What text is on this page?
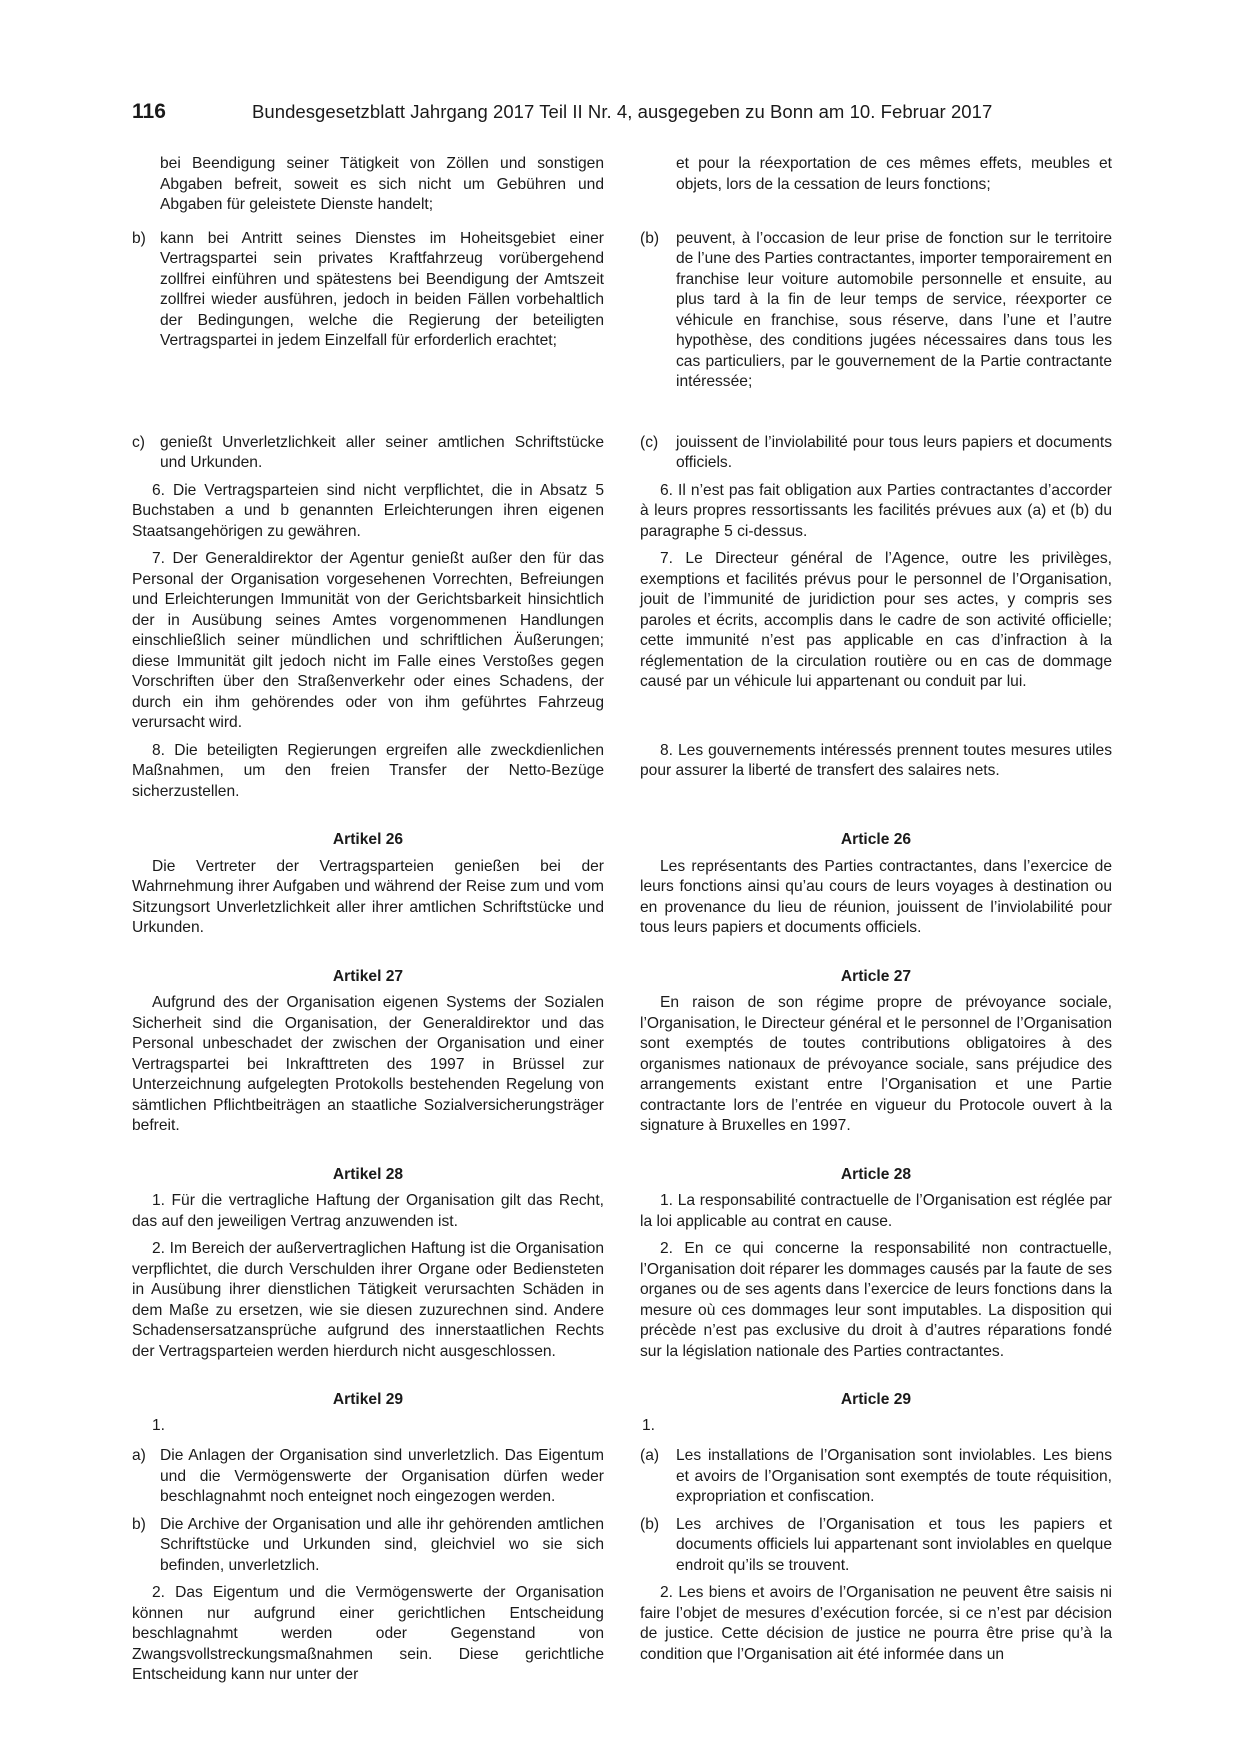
116	Bundesgesetzblatt Jahrgang 2017 Teil II Nr. 4, ausgegeben zu Bonn am 10. Februar 2017

bei Beendigung seiner Tätigkeit von Zöllen und sonstigen Abgaben befreit, soweit es sich nicht um Gebühren und Abgaben für geleistete Dienste handelt;

et pour la réexportation de ces mêmes effets, meubles et objets, lors de la cessation de leurs fonctions;

b) kann bei Antritt seines Dienstes im Hoheitsgebiet einer Vertragspartei sein privates Kraftfahrzeug vorübergehend zollfrei einführen und spätestens bei Beendigung der Amtszeit zollfrei wieder ausführen, jedoch in beiden Fällen vorbehaltlich der Bedingungen, welche die Regierung der beteiligten Vertragspartei in jedem Einzelfall für erforderlich erachtet;

(b)	peuvent, à l’occasion de leur prise de fonction sur le territoire de l’une des Parties contractantes, importer temporairement en franchise leur voiture automobile personnelle et ensuite, au plus tard à la fin de leur temps de service, réexporter ce véhicule en franchise, sous réserve, dans l’une et l’autre hypothèse, des conditions jugées nécessaires dans tous les cas particuliers, par le gouvernement de la Partie contractante intéressée;

c) genießt Unverletzlichkeit aller seiner amtlichen Schriftstücke und Urkunden.

(c)	jouissent de l’inviolabilité pour tous leurs papiers et documents officiels.

6. Die Vertragsparteien sind nicht verpflichtet, die in Absatz 5 Buchstaben a und b genannten Erleichterungen ihren eigenen Staatsangehörigen zu gewähren.

6. Il n’est pas fait obligation aux Parties contractantes d’accorder à leurs propres ressortissants les facilités prévues aux (a) et (b) du paragraphe 5 ci-dessus.

7. Der Generaldirektor der Agentur genießt außer den für das Personal der Organisation vorgesehenen Vorrechten, Befreiungen und Erleichterungen Immunität von der Gerichtsbarkeit hinsichtlich der in Ausübung seines Amtes vorgenommenen Handlungen einschließlich seiner mündlichen und schriftlichen Äußerungen; diese Immunität gilt jedoch nicht im Falle eines Verstoßes gegen Vorschriften über den Straßenverkehr oder eines Schadens, der durch ein ihm gehörendes oder von ihm geführtes Fahrzeug verursacht wird.

7. Le Directeur général de l’Agence, outre les privilèges, exemptions et facilités prévus pour le personnel de l’Organisation, jouit de l’immunité de juridiction pour ses actes, y compris ses paroles et écrits, accomplis dans le cadre de son activité officielle; cette immunité n’est pas applicable en cas d’infraction à la réglementation de la circulation routière ou en cas de dommage causé par un véhicule lui appartenant ou conduit par lui.

8. Die beteiligten Regierungen ergreifen alle zweckdienlichen Maßnahmen, um den freien Transfer der Netto-Bezüge sicherzustellen.

8. Les gouvernements intéressés prennent toutes mesures utiles pour assurer la liberté de transfert des salaires nets.

Artikel 26	Article 26

Die Vertreter der Vertragsparteien genießen bei der Wahrnehmung ihrer Aufgaben und während der Reise zum und vom Sitzungsort Unverletzlichkeit aller ihrer amtlichen Schriftstücke und Urkunden.

Les représentants des Parties contractantes, dans l’exercice de leurs fonctions ainsi qu’au cours de leurs voyages à destination ou en provenance du lieu de réunion, jouissent de l’inviolabilité pour tous leurs papiers et documents officiels.

Artikel 27	Article 27

Aufgrund des der Organisation eigenen Systems der Sozialen Sicherheit sind die Organisation, der Generaldirektor und das Personal unbeschadet der zwischen der Organisation und einer Vertragspartei bei Inkrafttreten des 1997 in Brüssel zur Unterzeichnung aufgelegten Protokolls bestehenden Regelung von sämtlichen Pflichtbeiträgen an staatliche Sozialversicherungsträger befreit.

En raison de son régime propre de prévoyance sociale, l’Organisation, le Directeur général et le personnel de l’Organisation sont exemptés de toutes contributions obligatoires à des organismes nationaux de prévoyance sociale, sans préjudice des arrangements existant entre l’Organisation et une Partie contractante lors de l’entrée en vigueur du Protocole ouvert à la signature à Bruxelles en 1997.

Artikel 28	Article 28

1. Für die vertragliche Haftung der Organisation gilt das Recht, das auf den jeweiligen Vertrag anzuwenden ist.

1. La responsabilité contractuelle de l’Organisation est réglée par la loi applicable au contrat en cause.

2. Im Bereich der außervertraglichen Haftung ist die Organisation verpflichtet, die durch Verschulden ihrer Organe oder Bediensteten in Ausübung ihrer dienstlichen Tätigkeit verursachten Schäden in dem Maße zu ersetzen, wie sie diesen zuzurechnen sind. Andere Schadensersatzansprüche aufgrund des innerstaatlichen Rechts der Vertragsparteien werden hierdurch nicht ausgeschlossen.

2. En ce qui concerne la responsabilité non contractuelle, l’Organisation doit réparer les dommages causés par la faute de ses organes ou de ses agents dans l’exercice de leurs fonctions dans la mesure où ces dommages leur sont imputables. La disposition qui précède n’est pas exclusive du droit à d’autres réparations fondé sur la législation nationale des Parties contractantes.

Artikel 29	Article 29

1.	1.

a) Die Anlagen der Organisation sind unverletzlich. Das Eigentum und die Vermögenswerte der Organisation dürfen weder beschlagnahmt noch enteignet noch eingezogen werden.

(a)	Les installations de l’Organisation sont inviolables. Les biens et avoirs de l’Organisation sont exemptés de toute réquisition, expropriation et confiscation.

b) Die Archive der Organisation und alle ihr gehörenden amtlichen Schriftstücke und Urkunden sind, gleichviel wo sie sich befinden, unverletzlich.

(b)	Les archives de l’Organisation et tous les papiers et documents officiels lui appartenant sont inviolables en quelque endroit qu’ils se trouvent.

2. Das Eigentum und die Vermögenswerte der Organisation können nur aufgrund einer gerichtlichen Entscheidung beschlagnahmt werden oder Gegenstand von Zwangsvollstreckungsmaßnahmen sein. Diese gerichtliche Entscheidung kann nur unter der

2. Les biens et avoirs de l’Organisation ne peuvent être saisis ni faire l’objet de mesures d’exécution forcée, si ce n’est par décision de justice. Cette décision de justice ne pourra être prise qu’à la condition que l’Organisation ait été informée dans un
